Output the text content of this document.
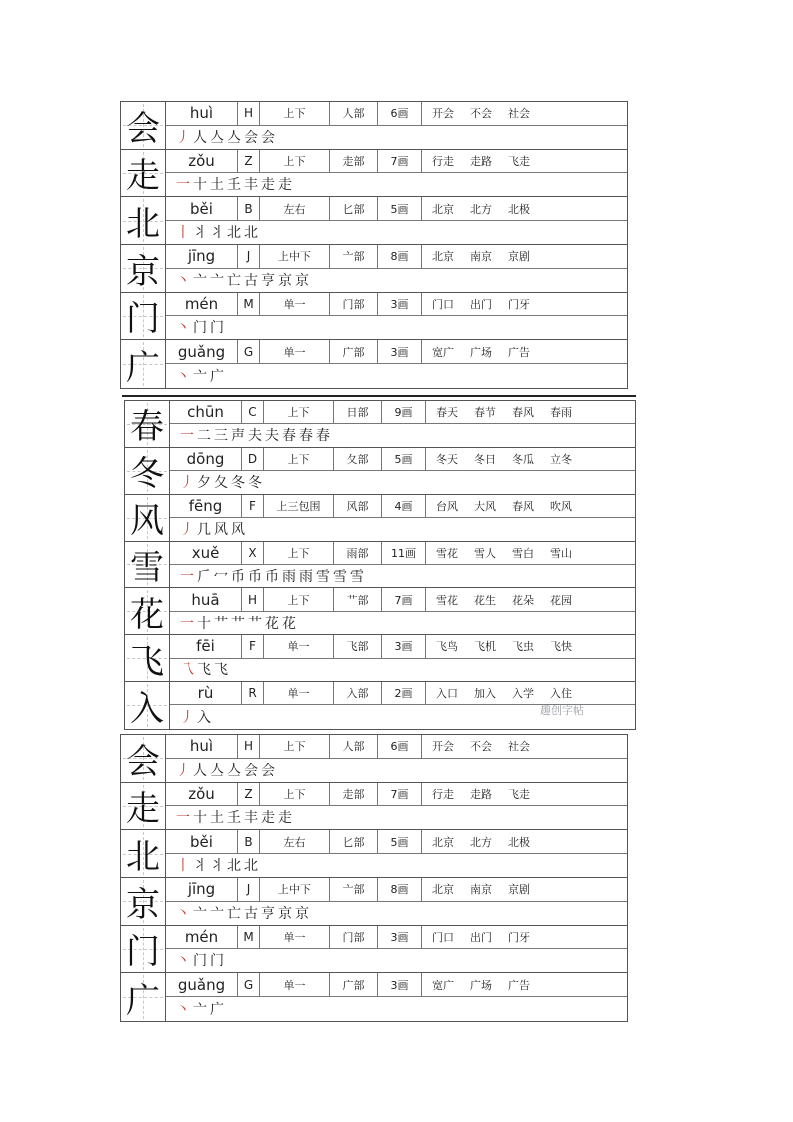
会	huì	H	上下	人部	6画	开会 不会 社会
丿 人 亼 亼 会 会
走	zǒu	Z	上下	走部	7画	行走 走路 飞走
一 十 土 𡈼 丰 走 走
北	běi	B	左右	匕部	5画	北京 北方 北极
丨 丬 丬 北 北
京	jīng	J	上中下	亠部	8画	北京 南京 京剧
丶 亠 亠 亡 古 亨 京 京
门	mén	M	单一	门部	3画	门口 出门 门牙
丶 门 门
广	guǎng	G	单一	广部	3画	宽广 广场 广告
丶 亠 广
春	chūn	C	上下	日部	9画	春天 春节 春风 春雨
一 二 三 声 夫 夫 春 春 春
冬	dōng	D	上下	夂部	5画	冬天 冬日 冬瓜 立冬
丿 夕 夂 冬 冬
风	fēng	F	上三包围	风部	4画	台风 大风 春风 吹风
丿 几 风 风
雪	xuě	X	上下	雨部	11画	雪花 雪人 雪白 雪山
一 𠂆 冖 币 币 币 雨 雨 雪 雪 雪
花	huā	H	上下	艹部	7画	雪花 花生 花朵 花园
一 十 艹 艹 艹 花 花
飞	fēi	F	单一	飞部	3画	飞鸟 飞机 飞虫 飞快
乁 飞 飞
入	rù	R	单一	入部	2画	入口 加入 入学 入住
丿 入
会	huì	H	上下	人部	6画	开会 不会 社会
丿 人 亼 亼 会 会
走	zǒu	Z	上下	走部	7画	行走 走路 飞走
一 十 土 𡈼 丰 走 走
北	běi	B	左右	匕部	5画	北京 北方 北极
丨 丬 丬 北 北
京	jīng	J	上中下	亠部	8画	北京 南京 京剧
丶 亠 亠 亡 古 亨 京 京
门	mén	M	单一	门部	3画	门口 出门 门牙
丶 门 门
广	guǎng	G	单一	广部	3画	宽广 广场 广告
丶 亠 广
趣创字帖
